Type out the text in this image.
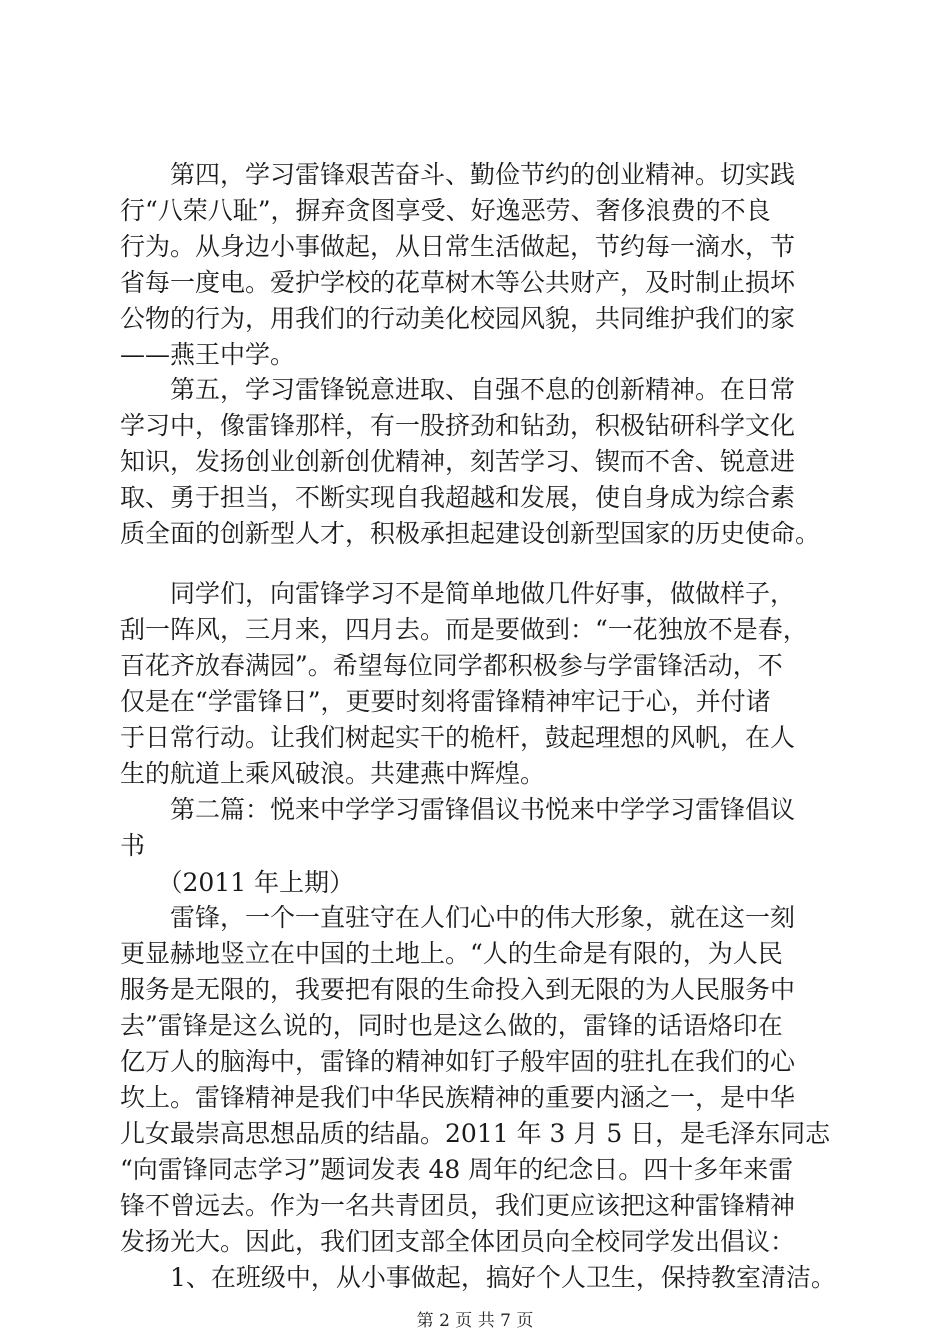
　　第四，学习雷锋艰苦奋斗、勤俭节约的创业精神。切实践
行“八荣八耻”，摒弃贪图享受、好逸恶劳、奢侈浪费的不良
行为。从身边小事做起，从日常生活做起，节约每一滴水，节
省每一度电。爱护学校的花草树木等公共财产，及时制止损坏
公物的行为，用我们的行动美化校园风貌，共同维护我们的家
——燕王中学。
　　第五，学习雷锋锐意进取、自强不息的创新精神。在日常
学习中，像雷锋那样，有一股挤劲和钻劲，积极钻研科学文化
知识，发扬创业创新创优精神，刻苦学习、锲而不舍、锐意进
取、勇于担当，不断实现自我超越和发展，使自身成为综合素
质全面的创新型人才，积极承担起建设创新型国家的历史使命。
　　同学们，向雷锋学习不是简单地做几件好事，做做样子，
刮一阵风，三月来，四月去。而是要做到：“一花独放不是春，
百花齐放春满园”。希望每位同学都积极参与学雷锋活动，不
仅是在“学雷锋日”，更要时刻将雷锋精神牢记于心，并付诸
于日常行动。让我们树起实干的桅杆，鼓起理想的风帆，在人
生的航道上乘风破浪。共建燕中辉煌。
　　第二篇：悦来中学学习雷锋倡议书悦来中学学习雷锋倡议
书
　　（2011 年上期）
　　雷锋，一个一直驻守在人们心中的伟大形象，就在这一刻
更显赫地竖立在中国的土地上。“人的生命是有限的，为人民
服务是无限的，我要把有限的生命投入到无限的为人民服务中
去”雷锋是这么说的，同时也是这么做的，雷锋的话语烙印在
亿万人的脑海中，雷锋的精神如钉子般牢固的驻扎在我们的心
坎上。雷锋精神是我们中华民族精神的重要内涵之一，是中华
儿女最崇高思想品质的结晶。2011 年 3 月 5 日，是毛泽东同志
“向雷锋同志学习”题词发表 48 周年的纪念日。四十多年来雷
锋不曾远去。作为一名共青团员，我们更应该把这种雷锋精神
发扬光大。因此，我们团支部全体团员向全校同学发出倡议：
　　1、在班级中，从小事做起，搞好个人卫生，保持教室清洁。
第 2 页 共 7 页
